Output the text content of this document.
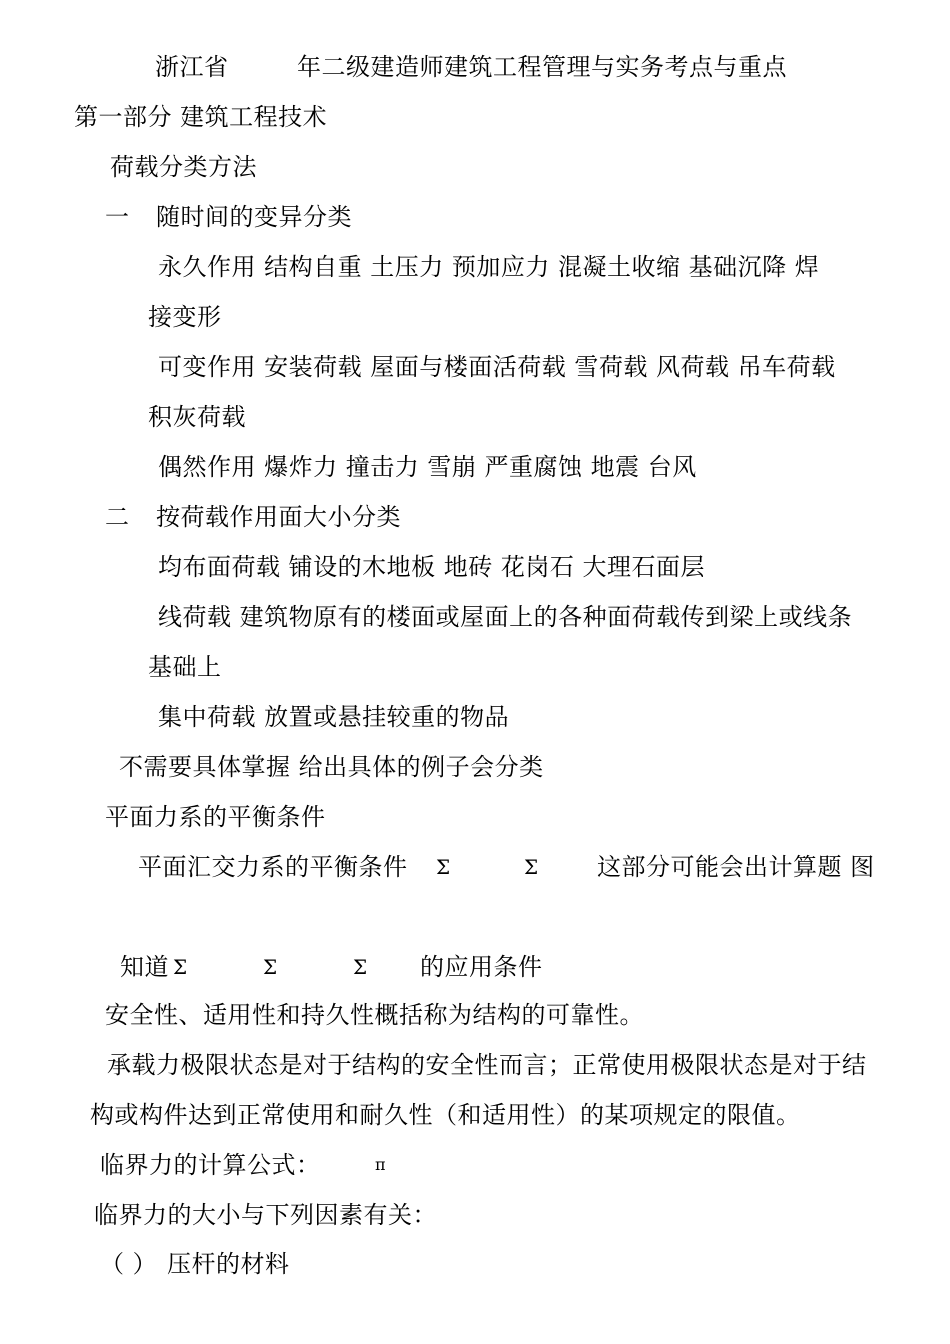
浙江省	年二级建造师建筑工程管理与实务考点与重点
第一部分 建筑工程技术
荷载分类方法
一 随时间的变异分类
永久作用 结构自重 土压力 预加应力 混凝土收缩 基础沉降 焊
接变形
可变作用 安装荷载 屋面与楼面活荷载 雪荷载 风荷载 吊车荷载
积灰荷载
偶然作用 爆炸力 撞击力 雪崩 严重腐蚀 地震 台风
二 按荷载作用面大小分类
均布面荷载 铺设的木地板 地砖 花岗石 大理石面层
线荷载 建筑物原有的楼面或屋面上的各种面荷载传到梁上或线条
基础上
集中荷载 放置或悬挂较重的物品
不需要具体掌握 给出具体的例子会分类
平面力系的平衡条件
平面汇交力系的平衡条件 Σ	Σ 这部分可能会出计算题 图
知道 Σ	Σ	Σ 的应用条件
安全性、适用性和持久性概括称为结构的可靠性。
承载力极限状态是对于结构的安全性而言；正常使用极限状态是对于结
构或构件达到正常使用和耐久性（和适用性）的某项规定的限值。
临界力的计算公式：	π
临界力的大小与下列因素有关：
（ ） 压杆的材料
